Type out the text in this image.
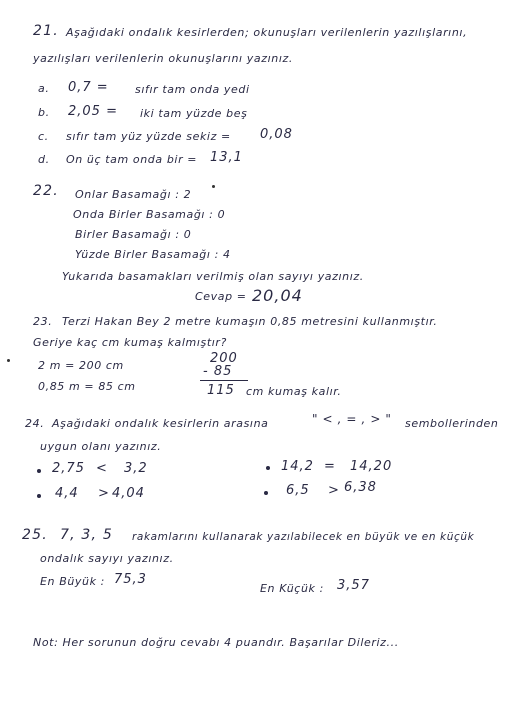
21. Aşağıdaki ondalık kesirlerden; okunuşları verilenlerin yazılışlarını,
yazılışları verilenlerin okunuşlarını yazınız.
a. 0,7 = sıfır tam onda yedi
b. 2,05 = iki tam yüzde beş
c. sıfır tam yüz yüzde sekiz = 0,08
d. On üç tam onda bir = 13,1
22. Onlar Basamağı : 2
Onda Birler Basamağı : 0
Birler Basamağı : 0
Yüzde Birler Basamağı : 4
Yukarıda basamakları verilmiş olan sayıyı yazınız.
Cevap = 20,04
23. Terzi Hakan Bey 2 metre kumaşın 0,85 metresini kullanmıştır.
Geriye kaç cm kumaş kalmıştır?
2 m = 200 cm
0,85 m = 85 cm
200
- 85
115 cm kumaş kalır.
24. Aşağıdaki ondalık kesirlerin arasına	" < , = , > " sembollerinden
uygun olanı yazınız.
2,75 < 3,2	14,2 = 14,20
4,4 > 4,04	6,5 > 6,38
25. 7, 3, 5 rakamlarını kullanarak yazılabilecek en büyük ve en küçük
ondalık sayıyı yazınız.
En Büyük : 75,3
En Küçük : 3,57
Not: Her sorunun doğru cevabı 4 puandır. Başarılar Dileriz...
